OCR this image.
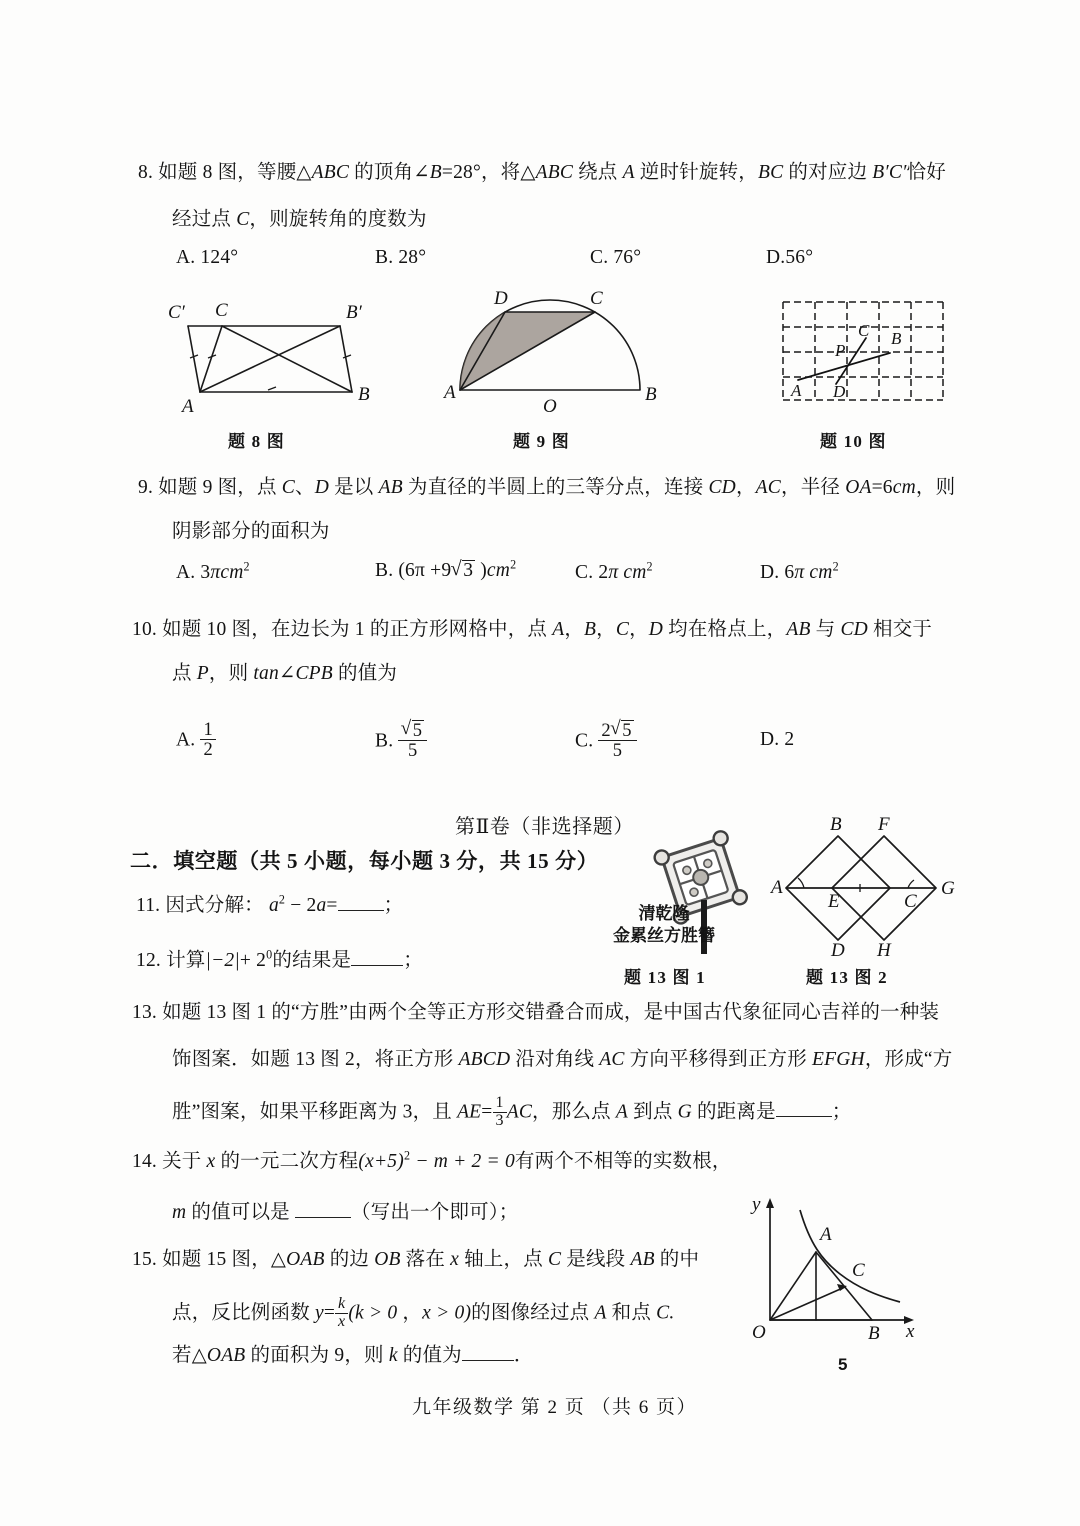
8. 如题 8 图，等腰△ABC 的顶角∠B=28°，将△ABC 绕点 A 逆时针旋转，BC 的对应边 B′C′恰好
经过点 C，则旋转角的度数为
A. 124°	B. 28°	C. 76°	D.56°
C′ C	B′
A
B
题 8 图
D	C
A
O
B
题 9 图
C B
P
A D
题 10 图
9. 如题 9 图，点 C、D 是以 AB 为直径的半圆上的三等分点，连接 CD，AC，半径 OA=6cm，则
阴影部分的面积为
A. 3πcm$^2$	B. (6π +9 √ 3 )$cm^2$	C. 2π $cm^2$	D. 6π $cm^2$
10. 如题 10 图，在边长为 1 的正方形网格中，点 A，B，C，D 均在格点上，AB 与 CD 相交于
点 P，则 tan∠CPB 的值为
A. $\frac{1}{2}$	B. √ $\frac{5}{5}$	C. $\frac{2 √ 5}{5}$	D. 2
第Ⅱ卷（非选择题）
二．填空题（共 5 小题，每小题 3 分，共 15 分）
11. 因式分解： $a^2 - 2a=$ ；
12. 计算$|-2|+ 2^0$的结果是	；
清乾隆
金累丝方胜簪
题 13 图 1
B F
A
E	C
G
D H
题 13 图 2
13. 如题 13 图 1 的“方胜”由两个全等正方形交错叠合而成，是中国古代象征同心吉祥的一种装
饰图案．如题 13 图 2，将正方形 ABCD 沿对角线 AC 方向平移得到正方形 EFGH，形成“方
胜”图案，如果平移距离为 3，且 $AE= \frac{1}{3}$ AC，那么点 A 到点 G 的距离是	；
14. 关于 x 的一元二次方程$(x+5)^2 - m + 2 = 0$有两个不相等的实数根，
m 的值可以是	（写出一个即可）；	y
A
C
O	B x
15. 如题 15 图，△OAB 的边 OB 落在 x 轴上，点 C 是线段 AB 的中
点，反比例函数 $y= \frac{k}{x} (k > 0$ ，x > 0)的图像经过点 A 和点 C.
若△OAB 的面积为 9，则 k 的值为	．	5
九年级数学 第 2 页 （共 6 页）
